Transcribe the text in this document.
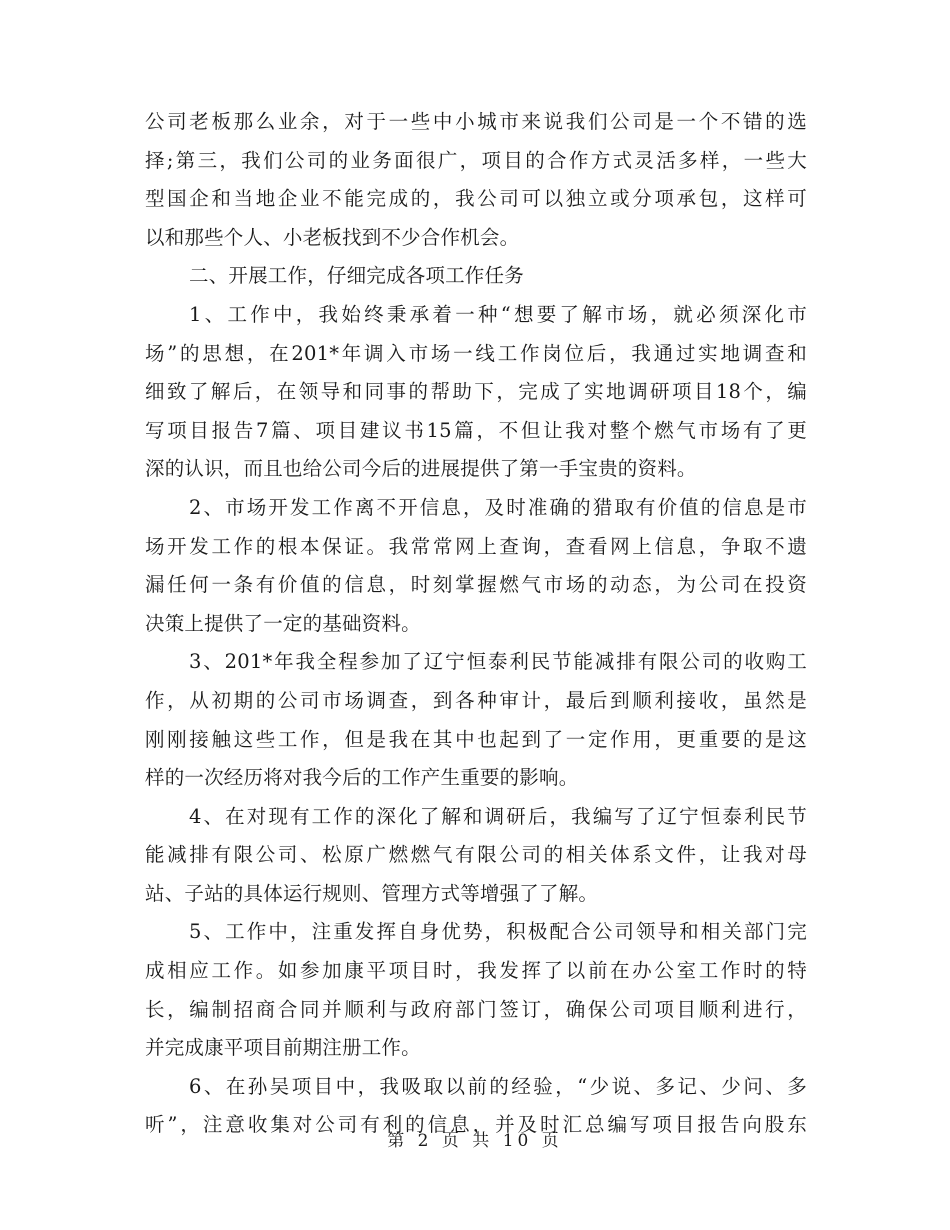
公司老板那么业余，对于一些中小城市来说我们公司是一个不错的选
择;第三，我们公司的业务面很广，项目的合作方式灵活多样，一些大
型国企和当地企业不能完成的，我公司可以独立或分项承包，这样可
以和那些个人、小老板找到不少合作机会。
二、开展工作，仔细完成各项工作任务
1、工作中，我始终秉承着一种“想要了解市场，就必须深化市
场”的思想，在201*年调入市场一线工作岗位后，我通过实地调查和
细致了解后，在领导和同事的帮助下，完成了实地调研项目18个，编
写项目报告7篇、项目建议书15篇，不但让我对整个燃气市场有了更
深的认识，而且也给公司今后的进展提供了第一手宝贵的资料。
2、市场开发工作离不开信息，及时准确的猎取有价值的信息是市
场开发工作的根本保证。我常常网上查询，查看网上信息，争取不遗
漏任何一条有价值的信息，时刻掌握燃气市场的动态，为公司在投资
决策上提供了一定的基础资料。
3、201*年我全程参加了辽宁恒泰利民节能减排有限公司的收购工
作，从初期的公司市场调查，到各种审计，最后到顺利接收，虽然是
刚刚接触这些工作，但是我在其中也起到了一定作用，更重要的是这
样的一次经历将对我今后的工作产生重要的影响。
4、在对现有工作的深化了解和调研后，我编写了辽宁恒泰利民节
能减排有限公司、松原广燃燃气有限公司的相关体系文件，让我对母
站、子站的具体运行规则、管理方式等增强了了解。
5、工作中，注重发挥自身优势，积极配合公司领导和相关部门完
成相应工作。如参加康平项目时，我发挥了以前在办公室工作时的特
长，编制招商合同并顺利与政府部门签订，确保公司项目顺利进行，
并完成康平项目前期注册工作。
6、在孙吴项目中，我吸取以前的经验，“少说、多记、少问、多
听”，注意收集对公司有利的信息，并及时汇总编写项目报告向股东
第 2 页 共 10 页
